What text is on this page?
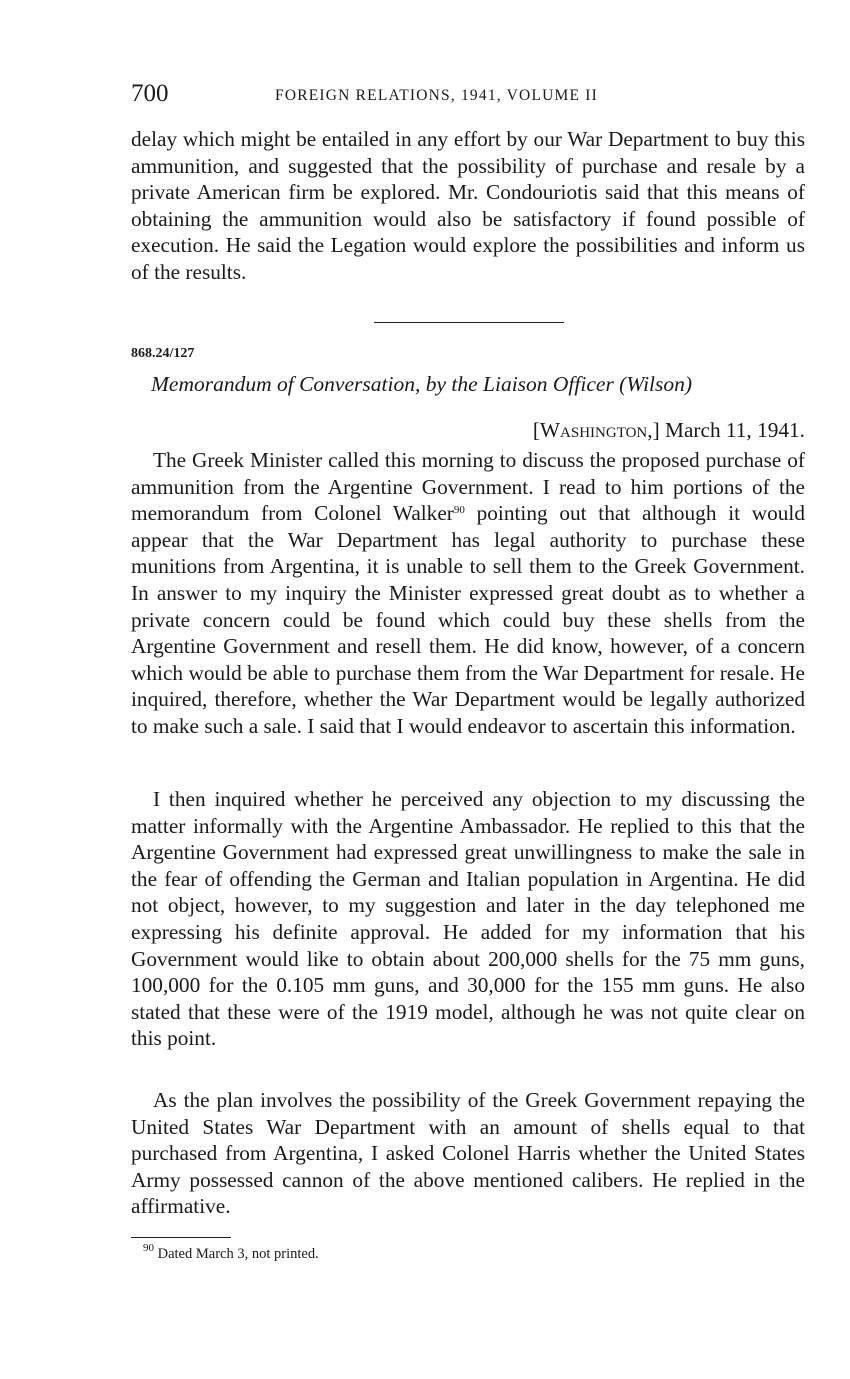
700	FOREIGN RELATIONS, 1941, VOLUME II

delay which might be entailed in any effort by our War Department to buy this ammunition, and suggested that the possibility of purchase and resale by a private American firm be explored. Mr. Condouriotis said that this means of obtaining the ammunition would also be satisfactory if found possible of execution. He said the Legation would explore the possibilities and inform us of the results.

868.24/127
Memorandum of Conversation, by the Liaison Officer (Wilson)
[Washington,] March 11, 1941.

The Greek Minister called this morning to discuss the proposed purchase of ammunition from the Argentine Government. I read to him portions of the memorandum from Colonel Walker$^{90}$ pointing out that although it would appear that the War Department has legal authority to purchase these munitions from Argentina, it is unable to sell them to the Greek Government. In answer to my inquiry the Minister expressed great doubt as to whether a private concern could be found which could buy these shells from the Argentine Government and resell them. He did know, however, of a concern which would be able to purchase them from the War Department for resale. He inquired, therefore, whether the War Department would be legally authorized to make such a sale. I said that I would endeavor to ascertain this information.

I then inquired whether he perceived any objection to my discussing the matter informally with the Argentine Ambassador. He replied to this that the Argentine Government had expressed great unwillingness to make the sale in the fear of offending the German and Italian population in Argentina. He did not object, however, to my suggestion and later in the day telephoned me expressing his definite approval. He added for my information that his Government would like to obtain about 200,000 shells for the 75 mm guns, 100,000 for the 0.105 mm guns, and 30,000 for the 155 mm guns. He also stated that these were of the 1919 model, although he was not quite clear on this point.

As the plan involves the possibility of the Greek Government repaying the United States War Department with an amount of shells equal to that purchased from Argentina, I asked Colonel Harris whether the United States Army possessed cannon of the above mentioned calibers. He replied in the affirmative.

$^{90}$ Dated March 3, not printed.
